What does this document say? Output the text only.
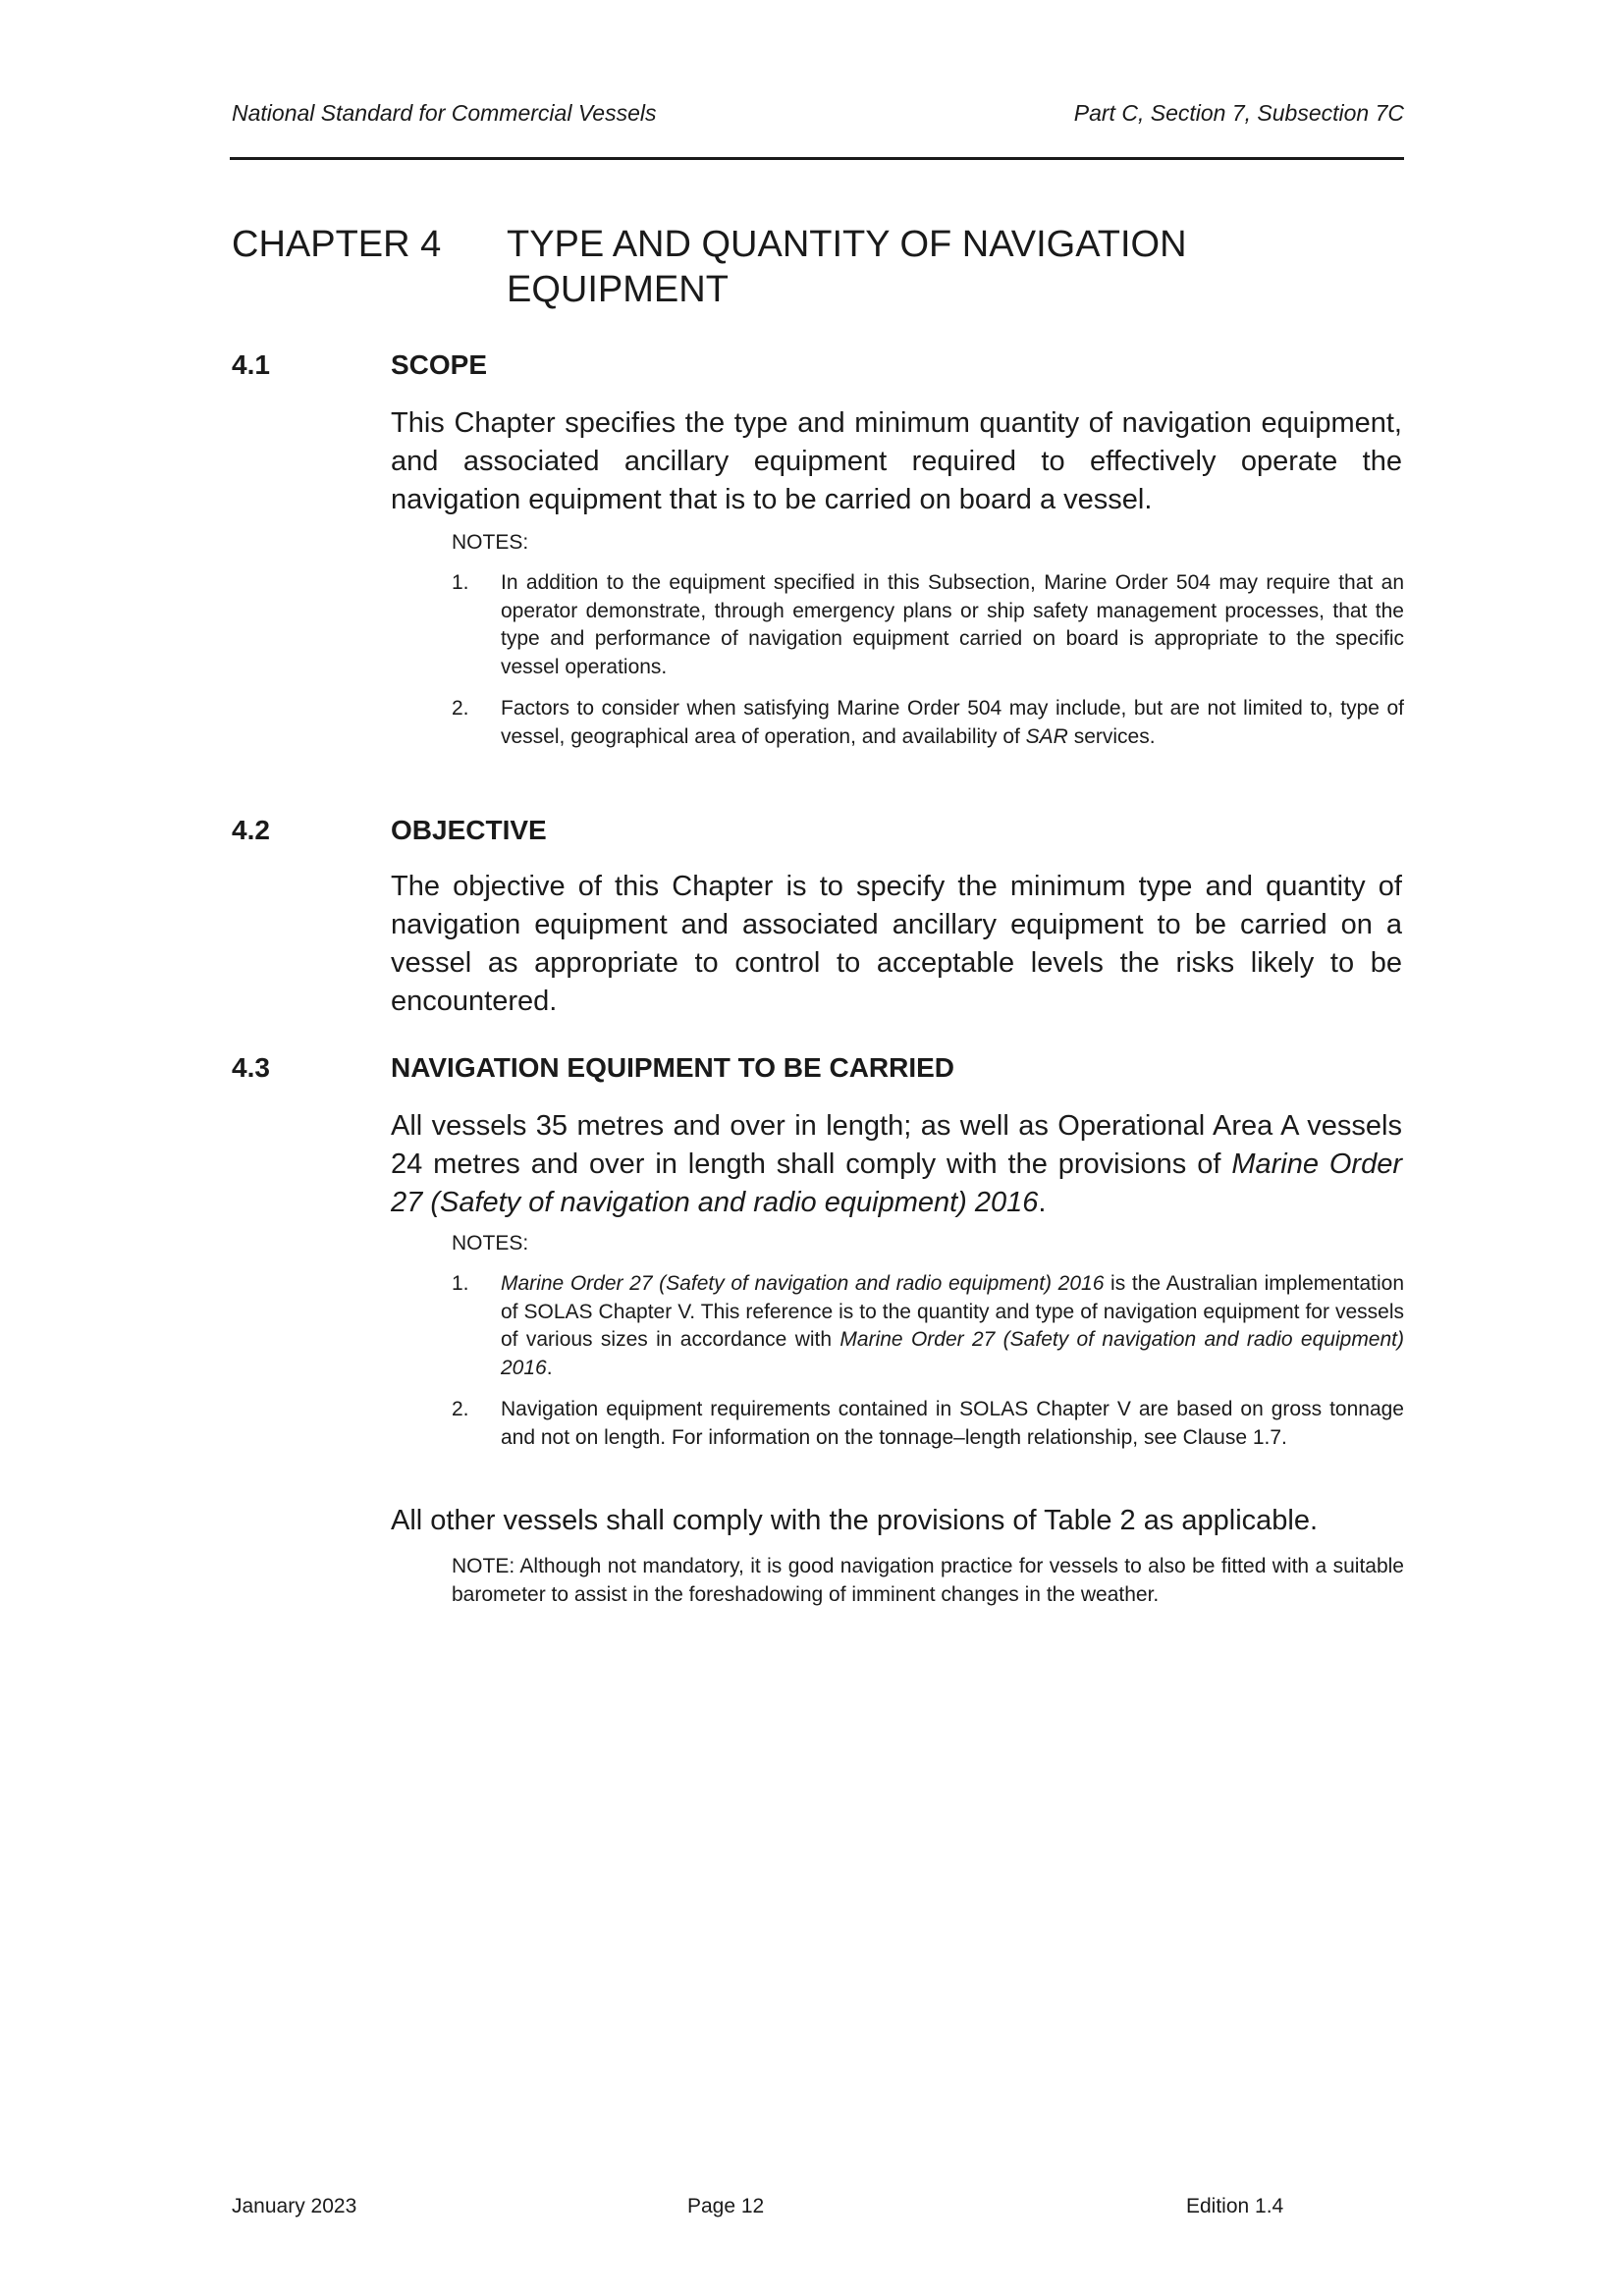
National Standard for Commercial Vessels	Part C, Section 7, Subsection 7C
CHAPTER 4 TYPE AND QUANTITY OF NAVIGATION EQUIPMENT
4.1	SCOPE
This Chapter specifies the type and minimum quantity of navigation equipment, and associated ancillary equipment required to effectively operate the navigation equipment that is to be carried on board a vessel.
NOTES:
1. In addition to the equipment specified in this Subsection, Marine Order 504 may require that an operator demonstrate, through emergency plans or ship safety management processes, that the type and performance of navigation equipment carried on board is appropriate to the specific vessel operations.
2. Factors to consider when satisfying Marine Order 504 may include, but are not limited to, type of vessel, geographical area of operation, and availability of SAR services.
4.2	OBJECTIVE
The objective of this Chapter is to specify the minimum type and quantity of navigation equipment and associated ancillary equipment to be carried on a vessel as appropriate to control to acceptable levels the risks likely to be encountered.
4.3	NAVIGATION EQUIPMENT TO BE CARRIED
All vessels 35 metres and over in length; as well as Operational Area A vessels 24 metres and over in length shall comply with the provisions of Marine Order 27 (Safety of navigation and radio equipment) 2016.
NOTES:
1. Marine Order 27 (Safety of navigation and radio equipment) 2016 is the Australian implementation of SOLAS Chapter V. This reference is to the quantity and type of navigation equipment for vessels of various sizes in accordance with Marine Order 27 (Safety of navigation and radio equipment) 2016.
2. Navigation equipment requirements contained in SOLAS Chapter V are based on gross tonnage and not on length. For information on the tonnage–length relationship, see Clause 1.7.
All other vessels shall comply with the provisions of Table 2 as applicable.
NOTE: Although not mandatory, it is good navigation practice for vessels to also be fitted with a suitable barometer to assist in the foreshadowing of imminent changes in the weather.
January 2023	Page 12	Edition 1.4
